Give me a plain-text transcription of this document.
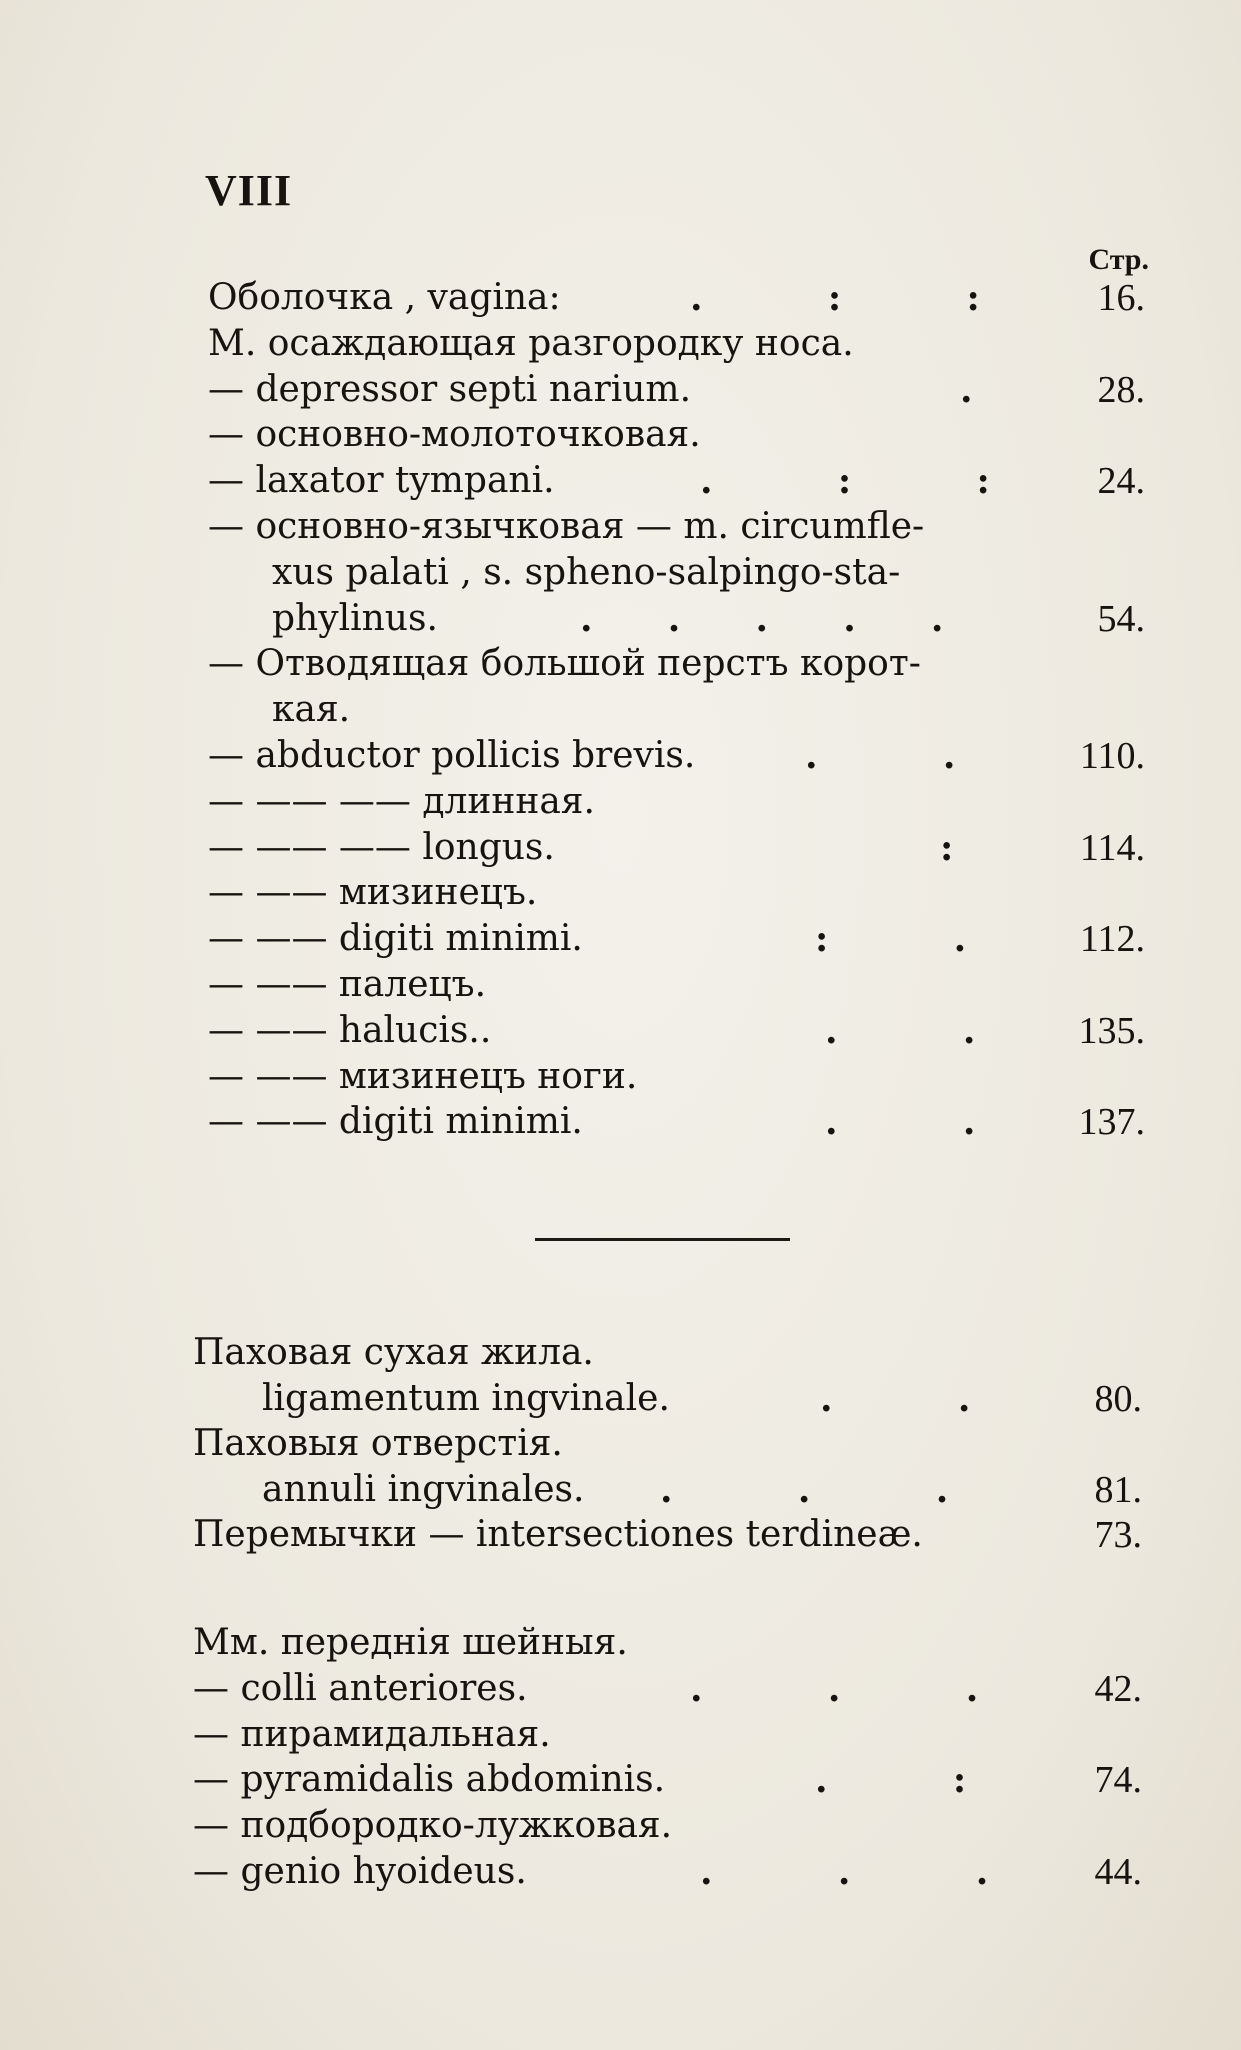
VIII
Стр.
Оболочка , vagina:	.          :          :	16.
М. осаждающая разгородку носа.
— depressor septi narium.	.	28.
— основно-молоточковая.
— laxator tympani.	.          :          :	24.
— основно-язычковая — m. circumfle-
xus palati , s. spheno-salpingo-sta-
phylinus.	.      .      .      .      .	54.
— Отводящая большой перстъ корот-
кая.
— abductor pollicis brevis.	.          .	110.
— —— —— длинная.
— —— —— longus.	:	114.
— —— мизинецъ.
— —— digiti minimi.	:          .	112.
— —— палецъ.
— —— halucis..	.          .	135.
— —— мизинецъ ноги.
— —— digiti minimi.	.          .	137.
Паховая сухая жила.
ligamentum ingvinale.	.          .	80.
Паховыя отверстія.
annuli ingvinales. .          .          .	81.
Перемычки — intersectiones terdineæ.	73.
Мм. переднія шейныя.
— colli anteriores.	.          .          .	42.
— пирамидальная.
— pyramidalis abdominis.	.          :	74.
— подбородко-лужковая.
— genio hyoideus.	.          .          .	44.
